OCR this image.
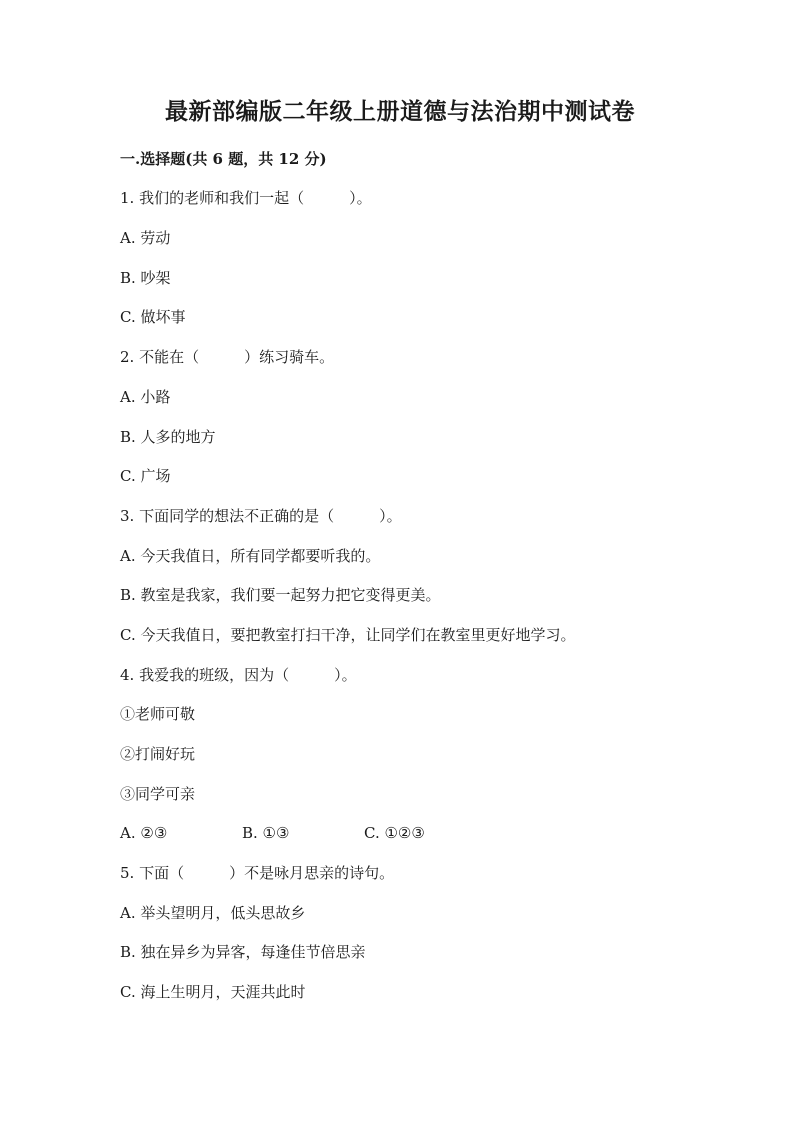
最新部编版二年级上册道德与法治期中测试卷
一.选择题(共 6 题，共 12 分)
1. 我们的老师和我们一起（　　　）。
A. 劳动
B. 吵架
C. 做坏事
2. 不能在（　　　）练习骑车。
A. 小路
B. 人多的地方
C. 广场
3. 下面同学的想法不正确的是（　　　）。
A. 今天我值日，所有同学都要听我的。
B. 教室是我家，我们要一起努力把它变得更美。
C. 今天我值日，要把教室打扫干净，让同学们在教室里更好地学习。
4. 我爱我的班级，因为（　　　）。
①老师可敬
②打闹好玩
③同学可亲
A. ②③	B. ①③	C. ①②③
5. 下面（　　　）不是咏月思亲的诗句。
A. 举头望明月，低头思故乡
B. 独在异乡为异客，每逢佳节倍思亲
C. 海上生明月，天涯共此时
